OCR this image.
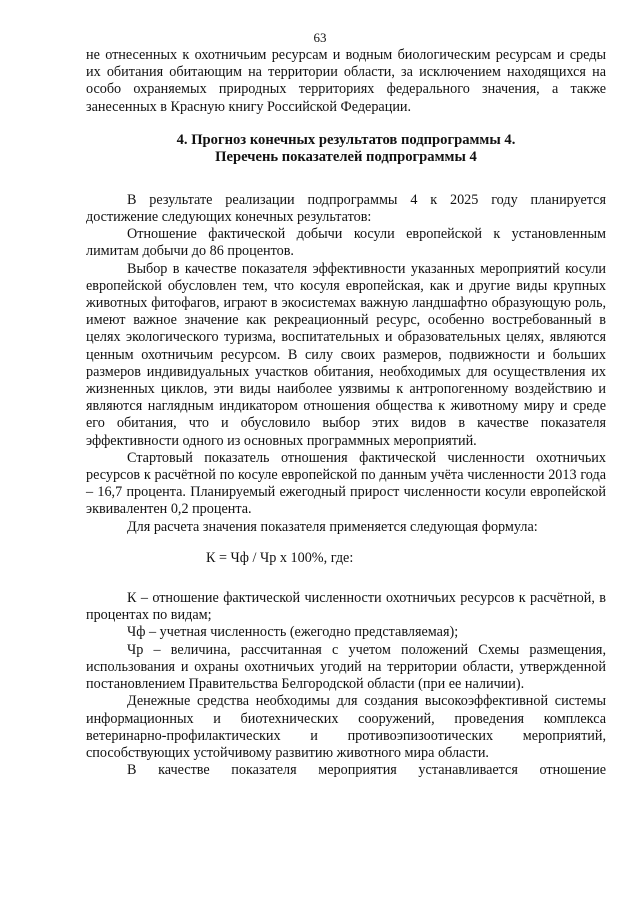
63

не отнесенных к охотничьим ресурсам и водным биологическим ресурсам и среды их обитания обитающим на территории области, за исключением находящихся на особо охраняемых природных территориях федерального значения, а также занесенных в Красную книгу Российской Федерации.

4. Прогноз конечных результатов подпрограммы 4.
Перечень показателей подпрограммы 4

В результате реализации подпрограммы 4 к 2025 году планируется достижение следующих конечных результатов:

Отношение фактической добычи косули европейской к установленным лимитам добычи до 86 процентов.

Выбор в качестве показателя эффективности указанных мероприятий косули европейской обусловлен тем, что косуля европейская, как и другие виды крупных животных фитофагов, играют в экосистемах важную ландшафтно образующую роль, имеют важное значение как рекреационный ресурс, особенно востребованный в целях экологического туризма, воспитательных и образовательных целях, являются ценным охотничьим ресурсом. В силу своих размеров, подвижности и больших размеров индивидуальных участков обитания, необходимых для осуществления их жизненных циклов, эти виды наиболее уязвимы к антропогенному воздействию и являются наглядным индикатором отношения общества к животному миру и среде его обитания, что и обусловило выбор этих видов в качестве показателя эффективности одного из основных программных мероприятий.

Стартовый показатель отношения фактической численности охотничьих ресурсов к расчётной по косуле европейской по данным учёта численности 2013 года – 16,7 процента. Планируемый ежегодный прирост численности косули европейской эквивалентен 0,2 процента.

Для расчета значения показателя применяется следующая формула:

К = Чф / Чр х 100%, где:

К – отношение фактической численности охотничьих ресурсов к расчётной, в процентах по видам;

Чф – учетная численность (ежегодно представляемая);

Чр – величина, рассчитанная с учетом положений Схемы размещения, использования и охраны охотничьих угодий на территории области, утвержденной постановлением Правительства Белгородской области (при ее наличии).

Денежные средства необходимы для создания высокоэффективной системы информационных и биотехнических сооружений, проведения комплекса ветеринарно-профилактических и противоэпизоотических мероприятий, способствующих устойчивому развитию животного мира области.

В качестве показателя мероприятия устанавливается отношение
